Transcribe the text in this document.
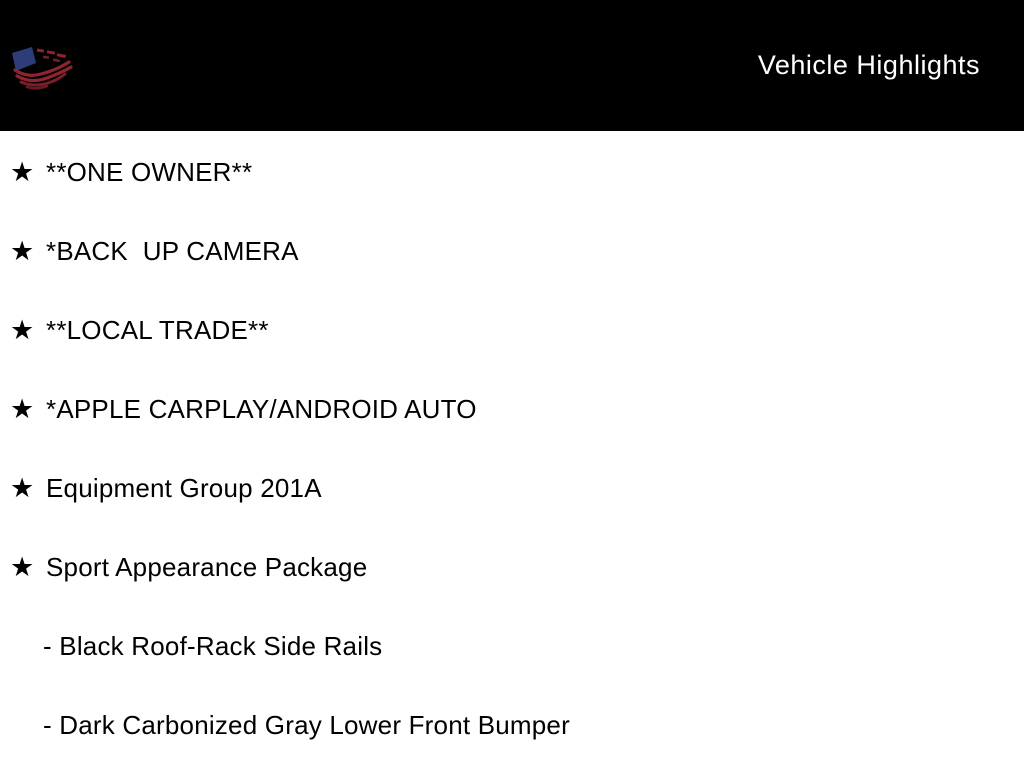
Vehicle Highlights
★ **ONE OWNER**
★ *BACK  UP CAMERA
★ **LOCAL TRADE**
★ *APPLE CARPLAY/ANDROID AUTO
★ Equipment Group 201A
★ Sport Appearance Package
- Black Roof-Rack Side Rails
- Dark Carbonized Gray Lower Front Bumper
